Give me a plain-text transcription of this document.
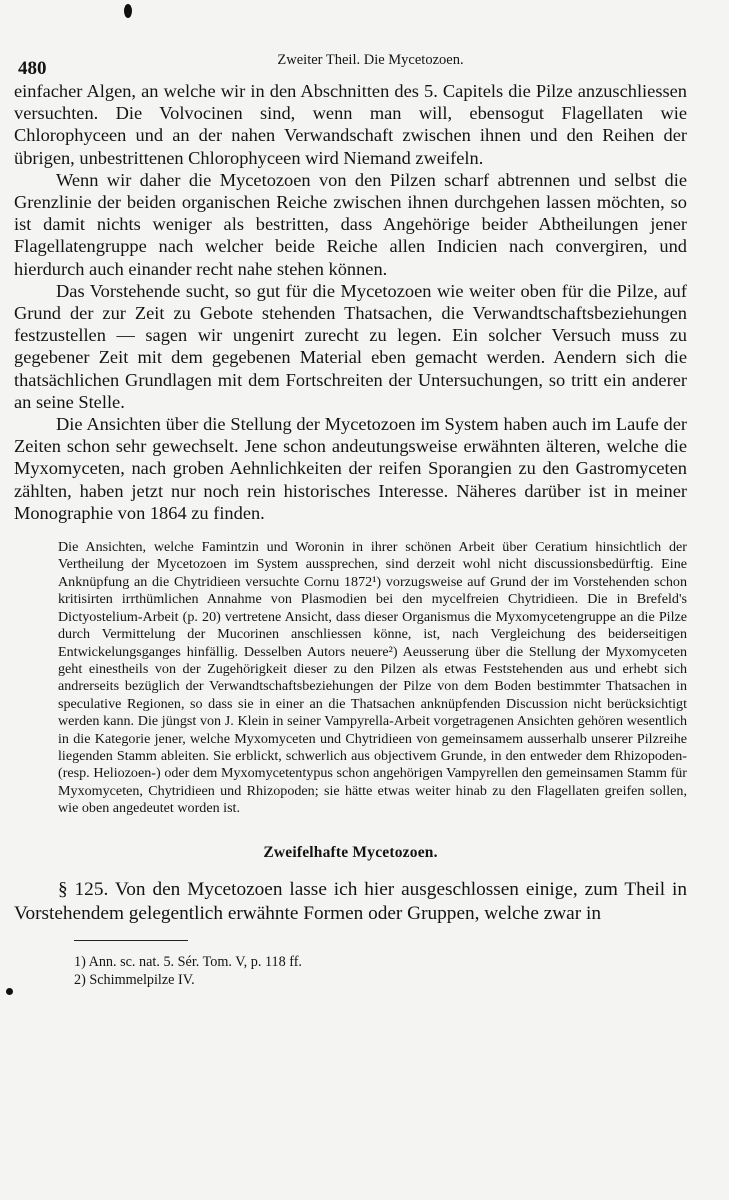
480	Zweiter Theil. Die Mycetozoen.

einfacher Algen, an welche wir in den Abschnitten des 5. Capitels die Pilze anzuschliessen versuchten. Die Volvocinen sind, wenn man will, ebensogut Flagellaten wie Chlorophyceen und an der nahen Verwandschaft zwischen ihnen und den Reihen der übrigen, unbestrittenen Chlorophyceen wird Niemand zweifeln.

Wenn wir daher die Mycetozoen von den Pilzen scharf abtrennen und selbst die Grenzlinie der beiden organischen Reiche zwischen ihnen durchgehen lassen möchten, so ist damit nichts weniger als bestritten, dass Angehörige beider Abtheilungen jener Flagellatengruppe nach welcher beide Reiche allen Indicien nach convergiren, und hierdurch auch einander recht nahe stehen können.

Das Vorstehende sucht, so gut für die Mycetozoen wie weiter oben für die Pilze, auf Grund der zur Zeit zu Gebote stehenden Thatsachen, die Verwandtschaftsbeziehungen festzustellen — sagen wir ungenirt zurecht zu legen. Ein solcher Versuch muss zu gegebener Zeit mit dem gegebenen Material eben gemacht werden. Aendern sich die thatsächlichen Grundlagen mit dem Fortschreiten der Untersuchungen, so tritt ein anderer an seine Stelle.

Die Ansichten über die Stellung der Mycetozoen im System haben auch im Laufe der Zeiten schon sehr gewechselt. Jene schon andeutungsweise erwähnten älteren, welche die Myxomyceten, nach groben Aehnlichkeiten der reifen Sporangien zu den Gastromyceten zählten, haben jetzt nur noch rein historisches Interesse. Näheres darüber ist in meiner Monographie von 1864 zu finden.

Die Ansichten, welche Famintzin und Woronin in ihrer schönen Arbeit über Ceratium hinsichtlich der Vertheilung der Mycetozoen im System aussprechen, sind derzeit wohl nicht discussionsbedürftig. Eine Anknüpfung an die Chytridieen versuchte Cornu 1872¹) vorzugsweise auf Grund der im Vorstehenden schon kritisirten irrthümlichen Annahme von Plasmodien bei den mycelfreien Chytridieen. Die in Brefeld's Dictyostelium-Arbeit (p. 20) vertretene Ansicht, dass dieser Organismus die Myxomycetengruppe an die Pilze durch Vermittelung der Mucorinen anschliessen könne, ist, nach Vergleichung des beiderseitigen Entwickelungsganges hinfällig. Desselben Autors neuere²) Aeusserung über die Stellung der Myxomyceten geht einestheils von der Zugehörigkeit dieser zu den Pilzen als etwas Feststehenden aus und erhebt sich andrerseits bezüglich der Verwandtschaftsbeziehungen der Pilze von dem Boden bestimmter Thatsachen in speculative Regionen, so dass sie in einer an die Thatsachen anknüpfenden Discussion nicht berücksichtigt werden kann. Die jüngst von J. Klein in seiner Vampyrella-Arbeit vorgetragenen Ansichten gehören wesentlich in die Kategorie jener, welche Myxomyceten und Chytridieen von gemeinsamem ausserhalb unserer Pilzreihe liegenden Stamm ableiten. Sie erblickt, schwerlich aus objectivem Grunde, in den entweder dem Rhizopoden- (resp. Heliozoen-) oder dem Myxomycetentypus schon angehörigen Vampyrellen den gemeinsamen Stamm für Myxomyceten, Chytridieen und Rhizopoden; sie hätte etwas weiter hinab zu den Flagellaten greifen sollen, wie oben angedeutet worden ist.

Zweifelhafte Mycetozoen.
§ 125. Von den Mycetozoen lasse ich hier ausgeschlossen einige, zum Theil in Vorstehendem gelegentlich erwähnte Formen oder Gruppen, welche zwar in
1) Ann. sc. nat. 5. Sér. Tom. V, p. 118 ff.
2) Schimmelpilze IV.
